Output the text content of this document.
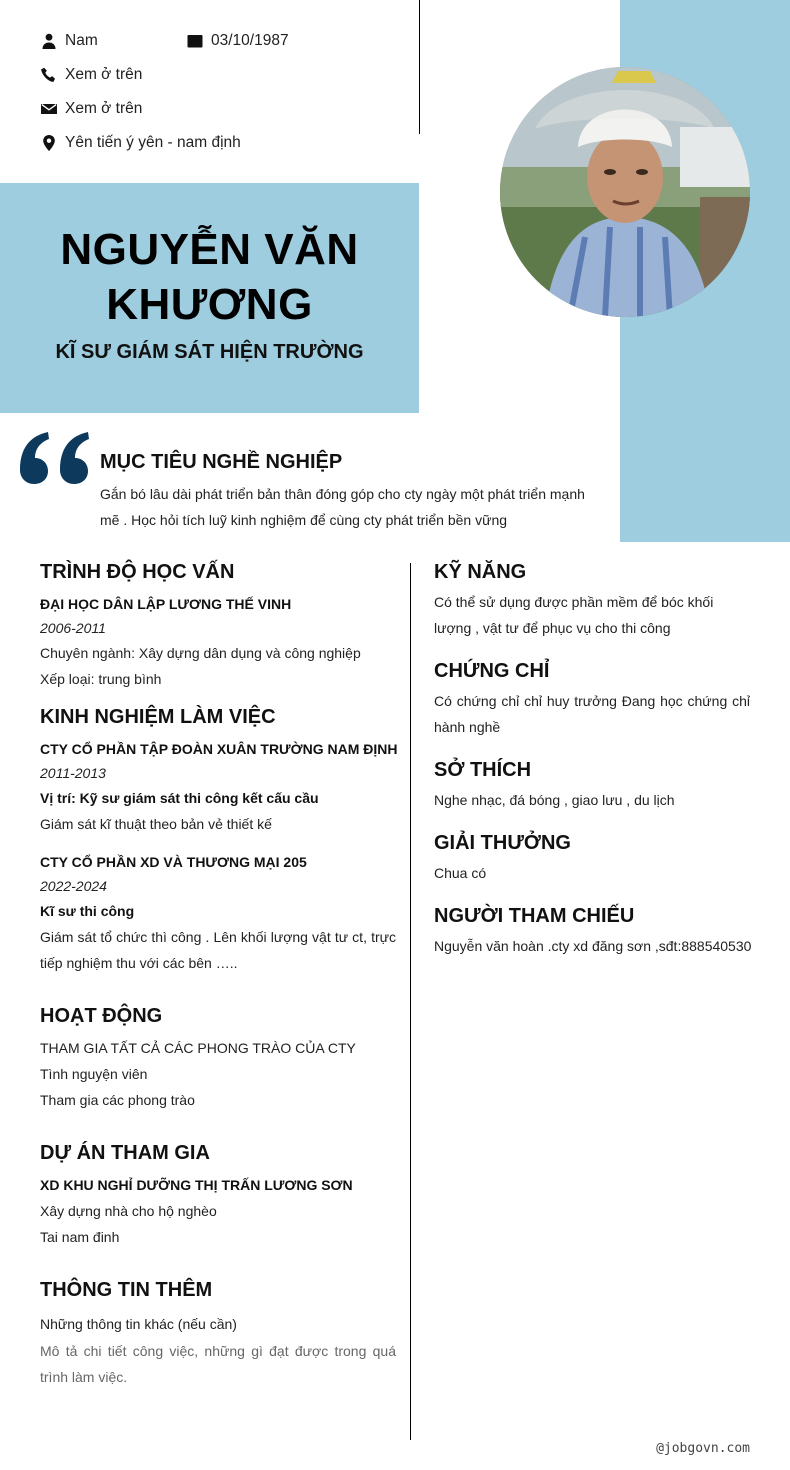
Nam	03/10/1987
Xem ở trên
Xem ở trên
Yên tiến ý yên - nam định
NGUYỄN VĂN
KHƯƠNG
KĨ SƯ GIÁM SÁT HIỆN TRƯỜNG
MỤC TIÊU NGHỀ NGHIỆP
Gắn bó lâu dài phát triển bản thân đóng góp cho cty ngày một phát triển mạnh mẽ . Học hỏi tích luỹ kinh nghiệm để cùng cty phát triển bền vững
TRÌNH ĐỘ HỌC VẤN
ĐẠI HỌC DÂN LẬP LƯƠNG THẾ VINH
2006-2011
Chuyên ngành: Xây dựng dân dụng và công nghiệp
Xếp loại: trung bình
KINH NGHIỆM LÀM VIỆC
CTY CỔ PHẦN TẬP ĐOÀN XUÂN TRƯỜNG NAM ĐỊNH
2011-2013
Vị trí: Kỹ sư giám sát thi công kết cấu cầu
Giám sát kĩ thuật theo bản vẻ thiết kế
CTY CỔ PHẦN XD VÀ THƯƠNG MẠI 205
2022-2024
Kĩ sư thi công
Giám sát tổ chức thì công . Lên khối lượng vật tư ct, trực tiếp nghiệm thu với các bên …..
HOẠT ĐỘNG
THAM GIA TẤT CẢ CÁC PHONG TRÀO CỦA CTY
Tình nguyện viên
Tham gia các phong trào
DỰ ÁN THAM GIA
XD KHU NGHỈ DƯỠNG THỊ TRẤN LƯƠNG SƠN
Xây dựng nhà cho hộ nghèo
Tai nam đinh
THÔNG TIN THÊM
Những thông tin khác (nếu cần)
Mô tả chi tiết công việc, những gì đạt được trong quá trình làm việc.
KỸ NĂNG
Có thể sử dụng được phần mềm để bóc khối lượng , vật tư để phục vụ cho thi công
CHỨNG CHỈ
Có chứng chỉ chỉ huy trưởng Đang học chứng chỉ hành nghề
SỞ THÍCH
Nghe nhạc, đá bóng , giao lưu , du lịch
GIẢI THƯỞNG
Chua có
NGƯỜI THAM CHIẾU
Nguyễn văn hoàn .cty xd đăng sơn ,sđt:888540530
@jobgovn.com
